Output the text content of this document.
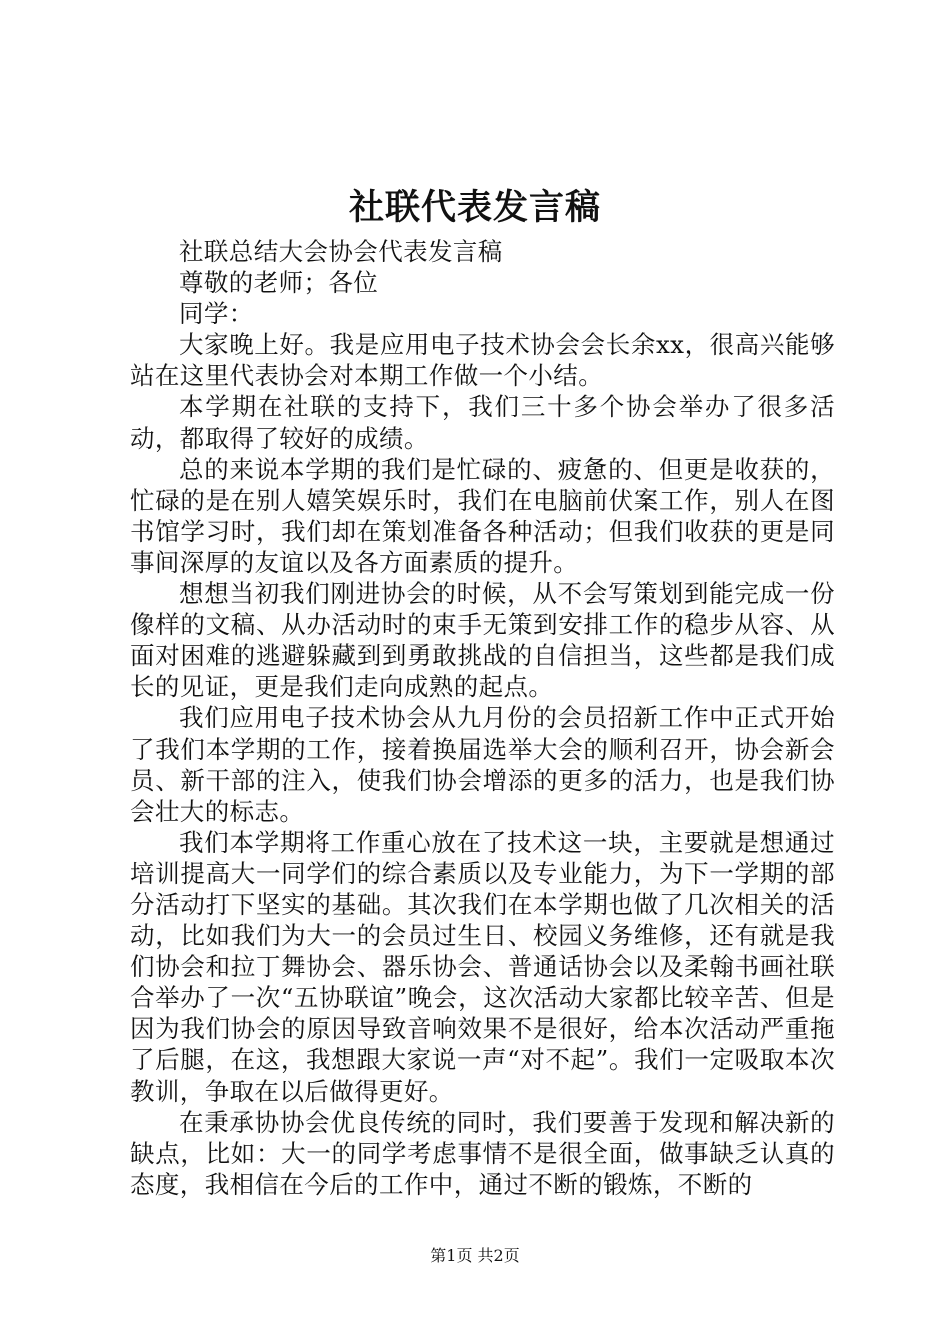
社联代表发言稿

社联总结大会协会代表发言稿

尊敬的老师；各位

同学：

大家晚上好。我是应用电子技术协会会长余xx，很高兴能够站在这里代表协会对本期工作做一个小结。

本学期在社联的支持下，我们三十多个协会举办了很多活动，都取得了较好的成绩。

总的来说本学期的我们是忙碌的、疲惫的、但更是收获的，忙碌的是在别人嬉笑娱乐时，我们在电脑前伏案工作，别人在图书馆学习时，我们却在策划准备各种活动；但我们收获的更是同事间深厚的友谊以及各方面素质的提升。

想想当初我们刚进协会的时候，从不会写策划到能完成一份像样的文稿、从办活动时的束手无策到安排工作的稳步从容、从面对困难的逃避躲藏到到勇敢挑战的自信担当，这些都是我们成长的见证，更是我们走向成熟的起点。

我们应用电子技术协会从九月份的会员招新工作中正式开始了我们本学期的工作，接着换届选举大会的顺利召开，协会新会员、新干部的注入，使我们协会增添的更多的活力，也是我们协会壮大的标志。

我们本学期将工作重心放在了技术这一块，主要就是想通过培训提高大一同学们的综合素质以及专业能力，为下一学期的部分活动打下坚实的基础。其次我们在本学期也做了几次相关的活动，比如我们为大一的会员过生日、校园义务维修，还有就是我们协会和拉丁舞协会、器乐协会、普通话协会以及柔翰书画社联合举办了一次“五协联谊”晚会，这次活动大家都比较辛苦、但是因为我们协会的原因导致音响效果不是很好，给本次活动严重拖了后腿，在这，我想跟大家说一声“对不起”。我们一定吸取本次教训，争取在以后做得更好。

在秉承协协会优良传统的同时，我们要善于发现和解决新的缺点，比如：大一的同学考虑事情不是很全面，做事缺乏认真的态度，我相信在今后的工作中，通过不断的锻炼，不断的

第1页 共2页
